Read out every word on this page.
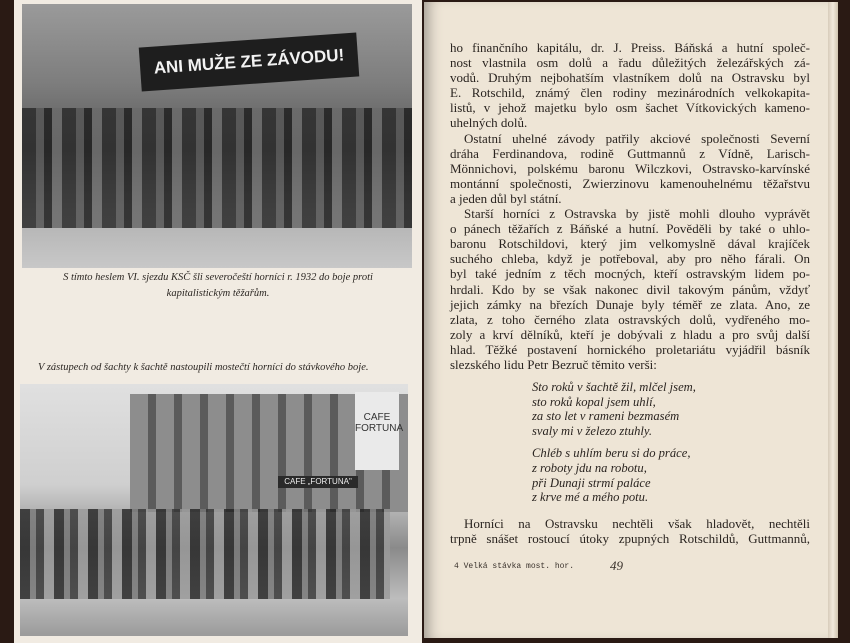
ANI MUŽE ZE ZÁVODU!
S tímto heslem VI. sjezdu KSČ šli severočeští horníci r. 1932 do boje proti
kapitalistickým těžařům.
V zástupech od šachty k šachtě nastoupili mostečtí horníci do stávkového boje.
CAFE FORTUNA
CAFE „FORTUNA"
ho finančního kapitálu, dr. J. Preiss. Báňská a hutní společ-
nost vlastnila osm dolů a řadu důležitých železářských zá-
vodů. Druhým nejbohatším vlastníkem dolů na Ostravsku byl
E. Rotschild, známý člen rodiny mezinárodních velkokapita-
listů, v jehož majetku bylo osm šachet Vítkovických kameno-
uhelných dolů.
Ostatní uhelné závody patřily akciové společnosti Severní
dráha Ferdinandova, rodině Guttmannů z Vídně, Larisch-
Mönnichovi, polskému baronu Wilczkovi, Ostravsko-karvínské
montánní společnosti, Zwierzinovu kamenouhelnému těžařstvu
a jeden důl byl státní.
Starší horníci z Ostravska by jistě mohli dlouho vyprávět
o pánech těžařích z Báňské a hutní. Pověděli by také o uhlo-
baronu Rotschildovi, který jim velkomyslně dával krajíček
suchého chleba, když je potřeboval, aby pro něho fárali. On
byl také jedním z těch mocných, kteří ostravským lidem po-
hrdali. Kdo by se však nakonec divil takovým pánům, vždyť
jejich zámky na březích Dunaje byly téměř ze zlata. Ano, ze
zlata, z toho černého zlata ostravských dolů, vydřeného mo-
zoly a krví dělníků, kteří je dobývali z hladu a pro svůj další
hlad. Těžké postavení hornického proletariátu vyjádřil básník
slezského lidu Petr Bezruč těmito verši:
Sto roků v šachtě žil, mlčel jsem,
sto roků kopal jsem uhlí,
za sto let v rameni bezmasém
svaly mi v železo ztuhly.
Chléb s uhlím beru si do práce,
z roboty jdu na robotu,
při Dunaji strmí paláce
z krve mé a mého potu.
Horníci na Ostravsku nechtěli však hladovět, nechtěli
trpně snášet rostoucí útoky zpupných Rotschildů, Guttmannů,
4 Velká stávka most. hor.	49
